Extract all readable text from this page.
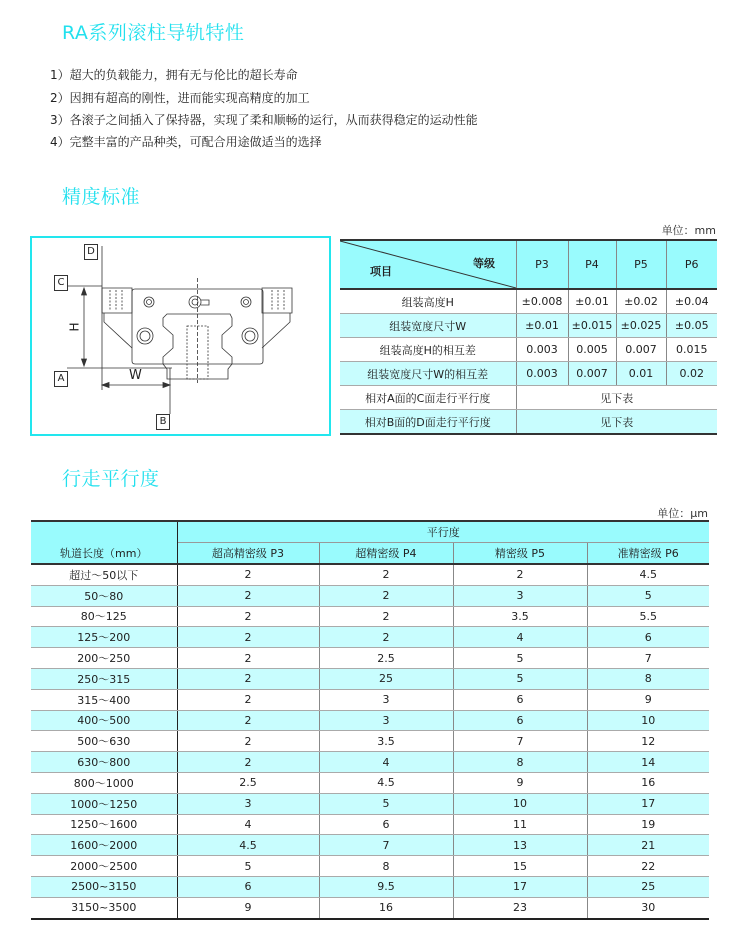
RA系列滚柱导轨特性
1）超大的负载能力，拥有无与伦比的超长寿命
2）因拥有超高的刚性，进而能实现高精度的加工
3）各滚子之间插入了保持器，实现了柔和顺畅的运行，从而获得稳定的运动性能
4）完整丰富的产品种类，可配合用途做适当的选择
精度标准
单位：mm
D
C
A
B
H
W
项目
等级	P3	P4	P5	P6
组装高度H	±0.008	±0.01	±0.02	±0.04
组装宽度尺寸W	±0.01	±0.015	±0.025	±0.05
组装高度H的相互差	0.003	0.005	0.007	0.015
组装宽度尺寸W的相互差	0.003	0.007	0.01	0.02
相对A面的C面走行平行度	见下表			
相对B面的D面走行平行度	见下表			
行走平行度
单位：μm
	平行度			
轨道长度（mm）	超高精密级 P3	超精密级 P4	精密级 P5	准精密级 P6
超过～50以下	2	2	2	4.5
50～80	2	2	3	5
80～125	2	2	3.5	5.5
125～200	2	2	4	6
200～250	2	2.5	5	7
250～315	2	25	5	8
315～400	2	3	6	9
400～500	2	3	6	10
500～630	2	3.5	7	12
630～800	2	4	8	14
800～1000	2.5	4.5	9	16
1000～1250	3	5	10	17
1250～1600	4	6	11	19
1600～2000	4.5	7	13	21
2000～2500	5	8	15	22
2500~3150	6	9.5	17	25
3150~3500	9	16	23	30
